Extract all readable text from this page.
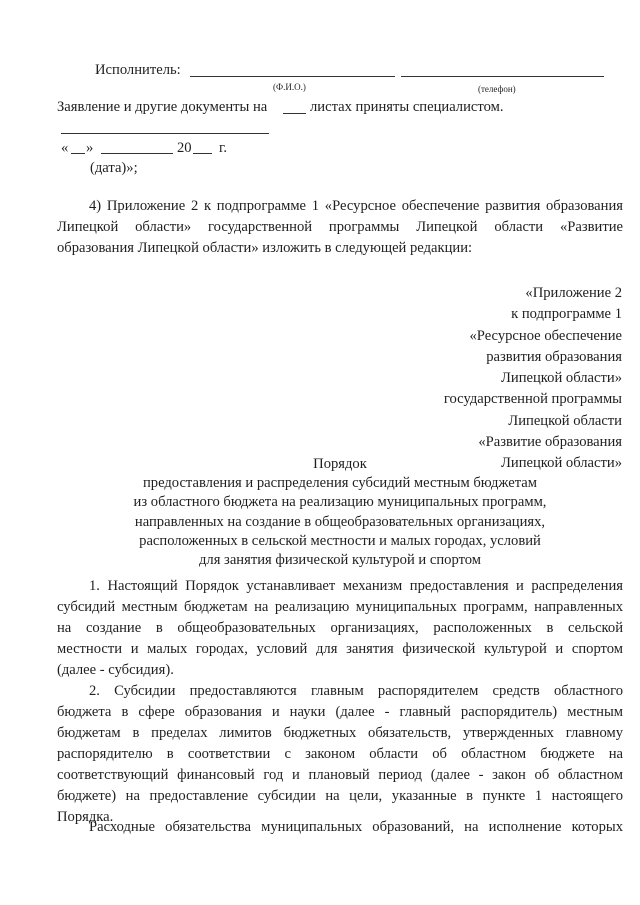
Исполнитель:
(Ф.И.О.)	(телефон)
Заявление и другие документы на	листах приняты специалистом.
« »	20 г.
(дата)»;
4) Приложение 2 к подпрограмме 1 «Ресурсное обеспечение развития образования
Липецкой области» государственной программы Липецкой области «Развитие
образования Липецкой области» изложить в следующей редакции:
«Приложение 2
к подпрограмме 1
«Ресурсное обеспечение
развития образования
Липецкой области»
государственной программы
Липецкой области
«Развитие образования
Липецкой области»
Порядок
предоставления и распределения субсидий местным бюджетам
из областного бюджета на реализацию муниципальных программ,
направленных на создание в общеобразовательных организациях,
расположенных в сельской местности и малых городах, условий
для занятия физической культурой и спортом
1. Настоящий Порядок устанавливает механизм предоставления и распределения
субсидий местным бюджетам на реализацию муниципальных программ, направленных
на создание в общеобразовательных организациях, расположенных в сельской
местности и малых городах, условий для занятия физической культурой и спортом
(далее - субсидия).
2. Субсидии предоставляются главным распорядителем средств областного
бюджета в сфере образования и науки (далее - главный распорядитель) местным
бюджетам в пределах лимитов бюджетных обязательств, утвержденных главному
распорядителю в соответствии с законом области об областном бюджете на
соответствующий финансовый год и плановый период (далее - закон об областном
бюджете) на предоставление субсидии на цели, указанные в пункте 1 настоящего
Порядка.
Расходные обязательства муниципальных образований, на исполнение которых
